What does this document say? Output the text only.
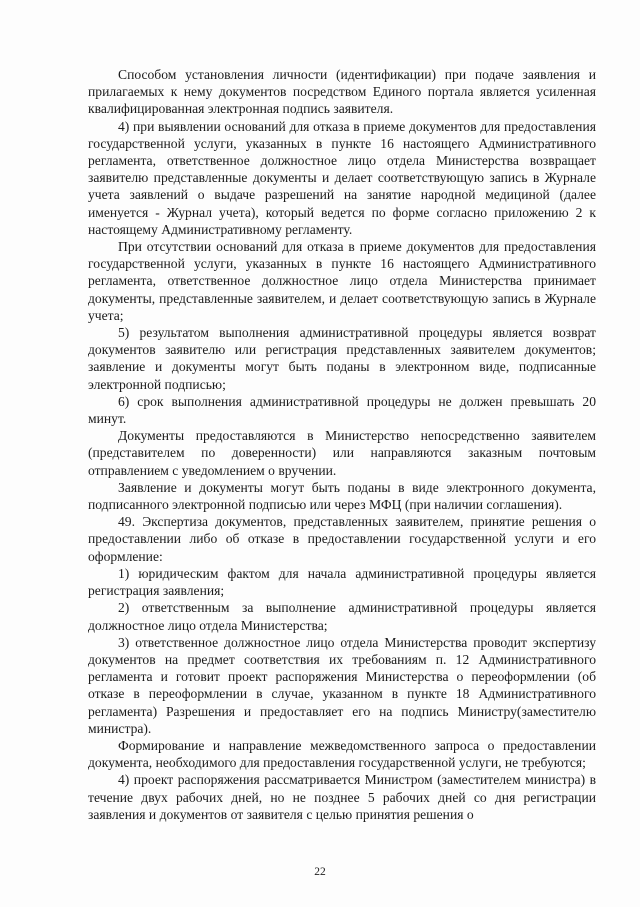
Способом установления личности (идентификации) при подаче заявления и прилагаемых к нему документов посредством Единого портала является усиленная квалифицированная электронная подпись заявителя.

4) при выявлении оснований для отказа в приеме документов для предоставления государственной услуги, указанных в пункте 16 настоящего Административного регламента, ответственное должностное лицо отдела Министерства возвращает заявителю представленные документы и делает соответствующую запись в Журнале учета заявлений о выдаче разрешений на занятие народной медициной (далее именуется - Журнал учета), который ведется по форме согласно приложению 2 к настоящему Административному регламенту.

При отсутствии оснований для отказа в приеме документов для предоставления государственной услуги, указанных в пункте 16 настоящего Административного регламента, ответственное должностное лицо отдела Министерства принимает документы, представленные заявителем, и делает соответствующую запись в Журнале учета;

5) результатом выполнения административной процедуры является возврат документов заявителю или регистрация представленных заявителем документов; заявление и документы могут быть поданы в электронном виде, подписанные электронной подписью;

6) срок выполнения административной процедуры не должен превышать 20 минут.

Документы предоставляются в Министерство непосредственно заявителем (представителем по доверенности) или направляются заказным почтовым отправлением с уведомлением о вручении.

Заявление и документы могут быть поданы в виде электронного документа, подписанного электронной подписью или через МФЦ (при наличии соглашения).

49. Экспертиза документов, представленных заявителем, принятие решения о предоставлении либо об отказе в предоставлении государственной услуги и его оформление:

1) юридическим фактом для начала административной процедуры является регистрация заявления;

2) ответственным за выполнение административной процедуры является должностное лицо отдела Министерства;

3) ответственное должностное лицо отдела Министерства проводит экспертизу документов на предмет соответствия их требованиям п. 12 Административного регламента и готовит проект распоряжения Министерства о переоформлении (об отказе в переоформлении в случае, указанном в пункте 18 Административного регламента) Разрешения и предоставляет его на подпись Министру(заместителю министра).

Формирование и направление межведомственного запроса о предоставлении документа, необходимого для предоставления государственной услуги, не требуются;

4) проект распоряжения рассматривается Министром (заместителем министра) в течение двух рабочих дней, но не позднее 5 рабочих дней со дня регистрации заявления и документов от заявителя с целью принятия решения о

22
